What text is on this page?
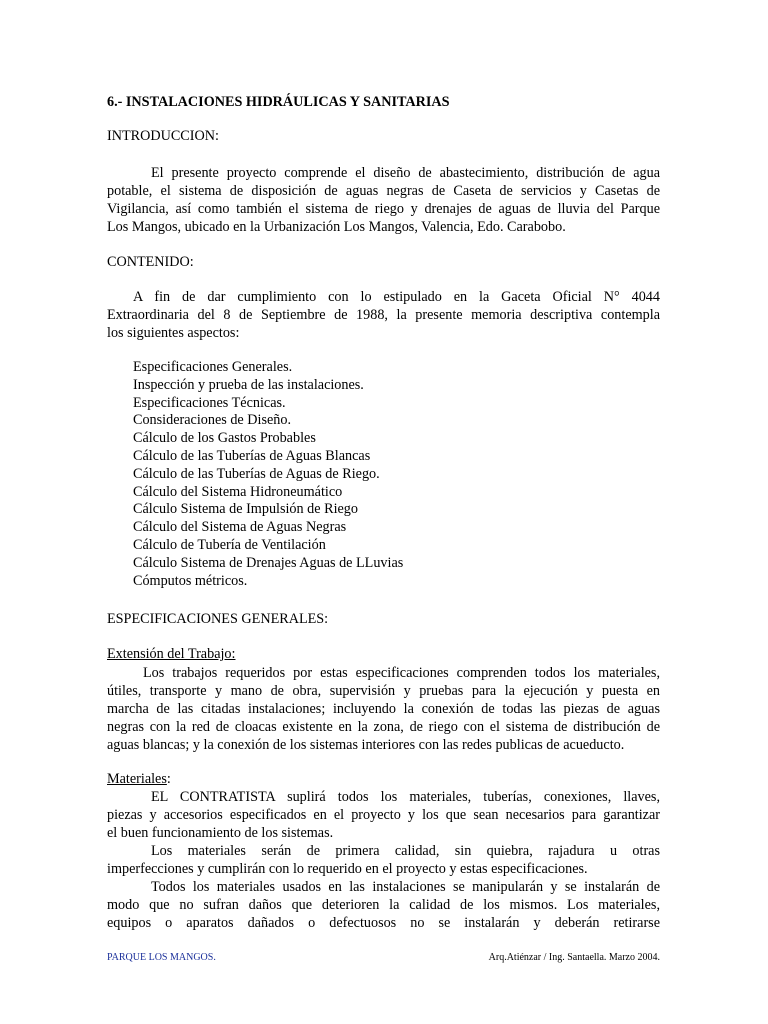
6.- INSTALACIONES HIDRÁULICAS Y SANITARIAS
INTRODUCCION:
El presente proyecto comprende el diseño de abastecimiento, distribución de agua
potable, el sistema de disposición de aguas negras de Caseta de servicios y Casetas de
Vigilancia, así como también el sistema de riego y drenajes de aguas de lluvia del Parque
Los Mangos, ubicado en la Urbanización Los Mangos, Valencia, Edo. Carabobo.
CONTENIDO:
A fin de dar cumplimiento con lo estipulado en la Gaceta Oficial N° 4044
Extraordinaria del 8 de Septiembre de 1988, la presente memoria descriptiva contempla
los siguientes aspectos:
Especificaciones Generales.
Inspección y prueba de las instalaciones.
Especificaciones Técnicas.
Consideraciones de Diseño.
Cálculo de los Gastos Probables
Cálculo de las Tuberías de Aguas Blancas
Cálculo de las Tuberías de Aguas de Riego.
Cálculo del Sistema Hidroneumático
Cálculo Sistema de Impulsión de Riego
Cálculo del Sistema de Aguas Negras
Cálculo de Tubería de Ventilación
Cálculo Sistema de Drenajes Aguas de LLuvias
Cómputos métricos.
ESPECIFICACIONES GENERALES:
Extensión del Trabajo:
Los trabajos requeridos por estas especificaciones comprenden todos los materiales,
útiles, transporte y mano de obra, supervisión y pruebas para la ejecución y puesta en
marcha de las citadas instalaciones; incluyendo la conexión de todas las piezas de aguas
negras con la red de cloacas existente en la zona, de riego con el sistema de distribución de
aguas blancas; y la conexión de los sistemas interiores con las redes publicas de acueducto.
Materiales:
EL CONTRATISTA suplirá todos los materiales, tuberías, conexiones, llaves,
piezas y accesorios especificados en el proyecto y los que sean necesarios para garantizar
el buen funcionamiento de los sistemas.
Los materiales serán de primera calidad, sin quiebra, rajadura u otras
imperfecciones y cumplirán con lo requerido en el proyecto y estas especificaciones.
Todos los materiales usados en las instalaciones se manipularán y se instalarán de
modo que no sufran daños que deterioren la calidad de los mismos. Los materiales,
equipos o aparatos dañados o defectuosos no se instalarán y deberán retirarse
PARQUE LOS MANGOS.	Arq.Atiénzar / Ing. Santaella. Marzo 2004.
